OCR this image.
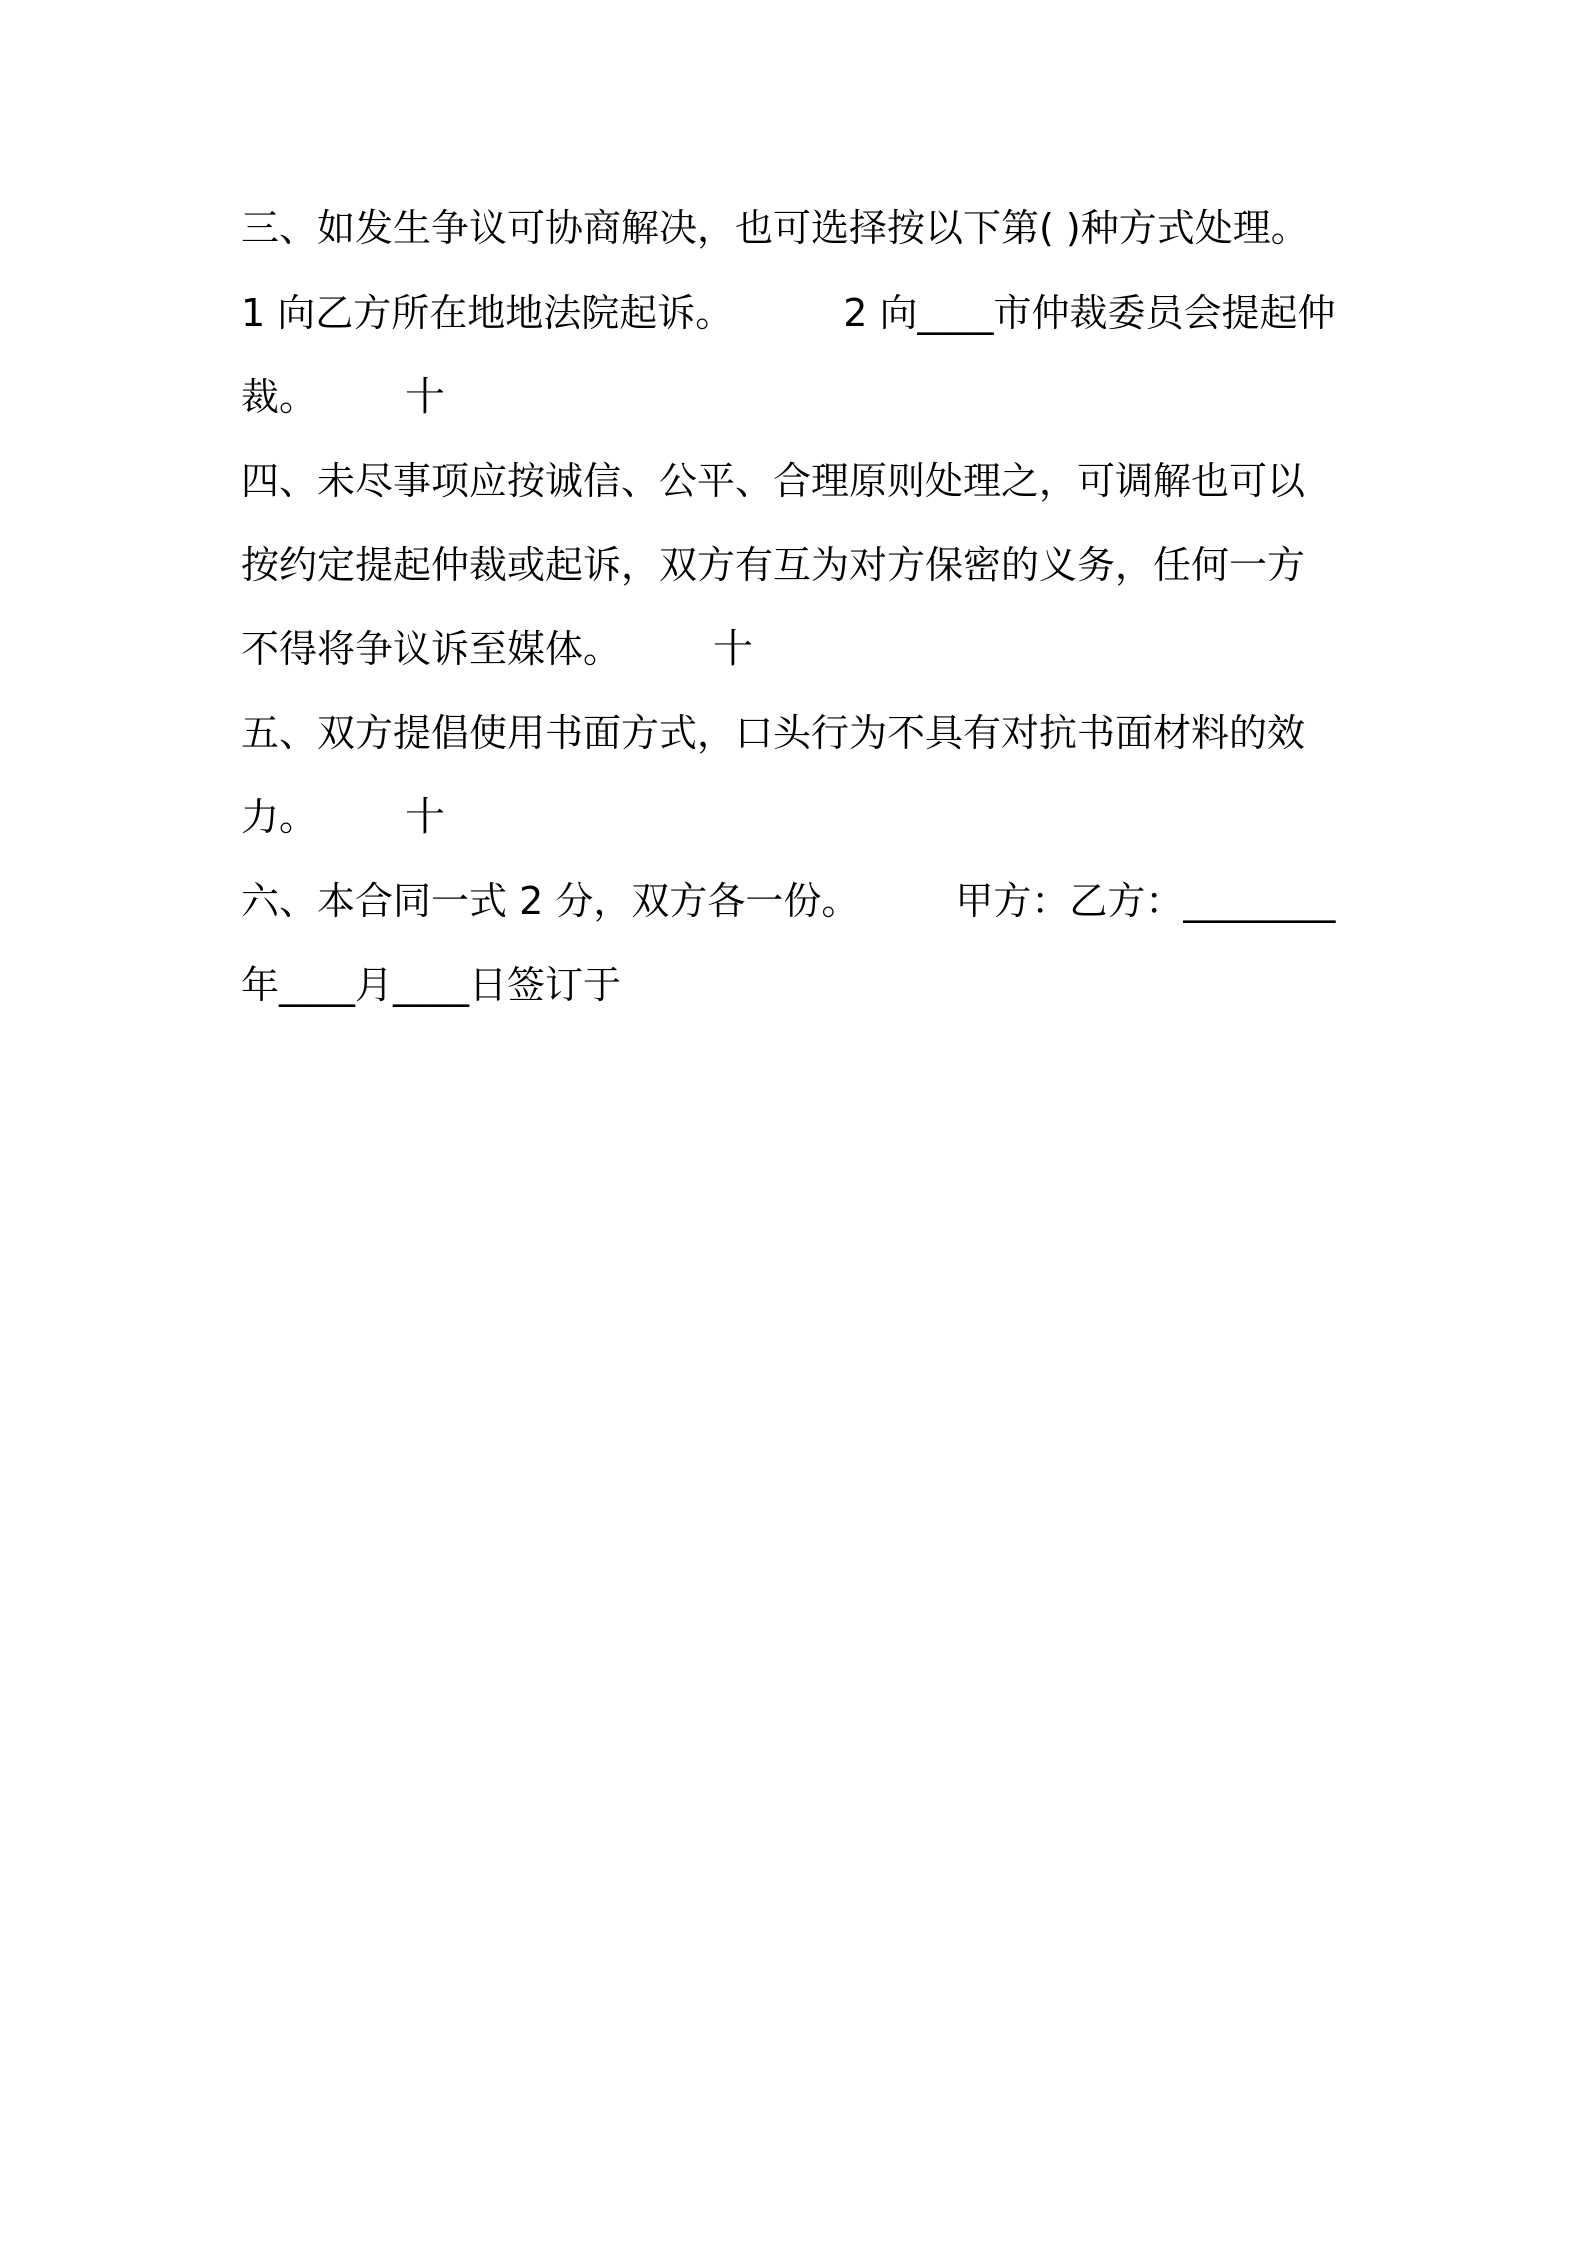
三、如发生争议可协商解决，也可选择按以下第( )种方式处理。
1 向乙方所在地地法院起诉。	2 向____市仲裁委员会提起仲
裁。 十
四、未尽事项应按诚信、公平、合理原则处理之，可调解也可以
按约定提起仲裁或起诉，双方有互为对方保密的义务，任何一方
不得将争议诉至媒体。 十
五、双方提倡使用书面方式，口头行为不具有对抗书面材料的效
力。 十
六、本合同一式 2 分，双方各一份。	甲方：乙方：________
年____月____日签订于
